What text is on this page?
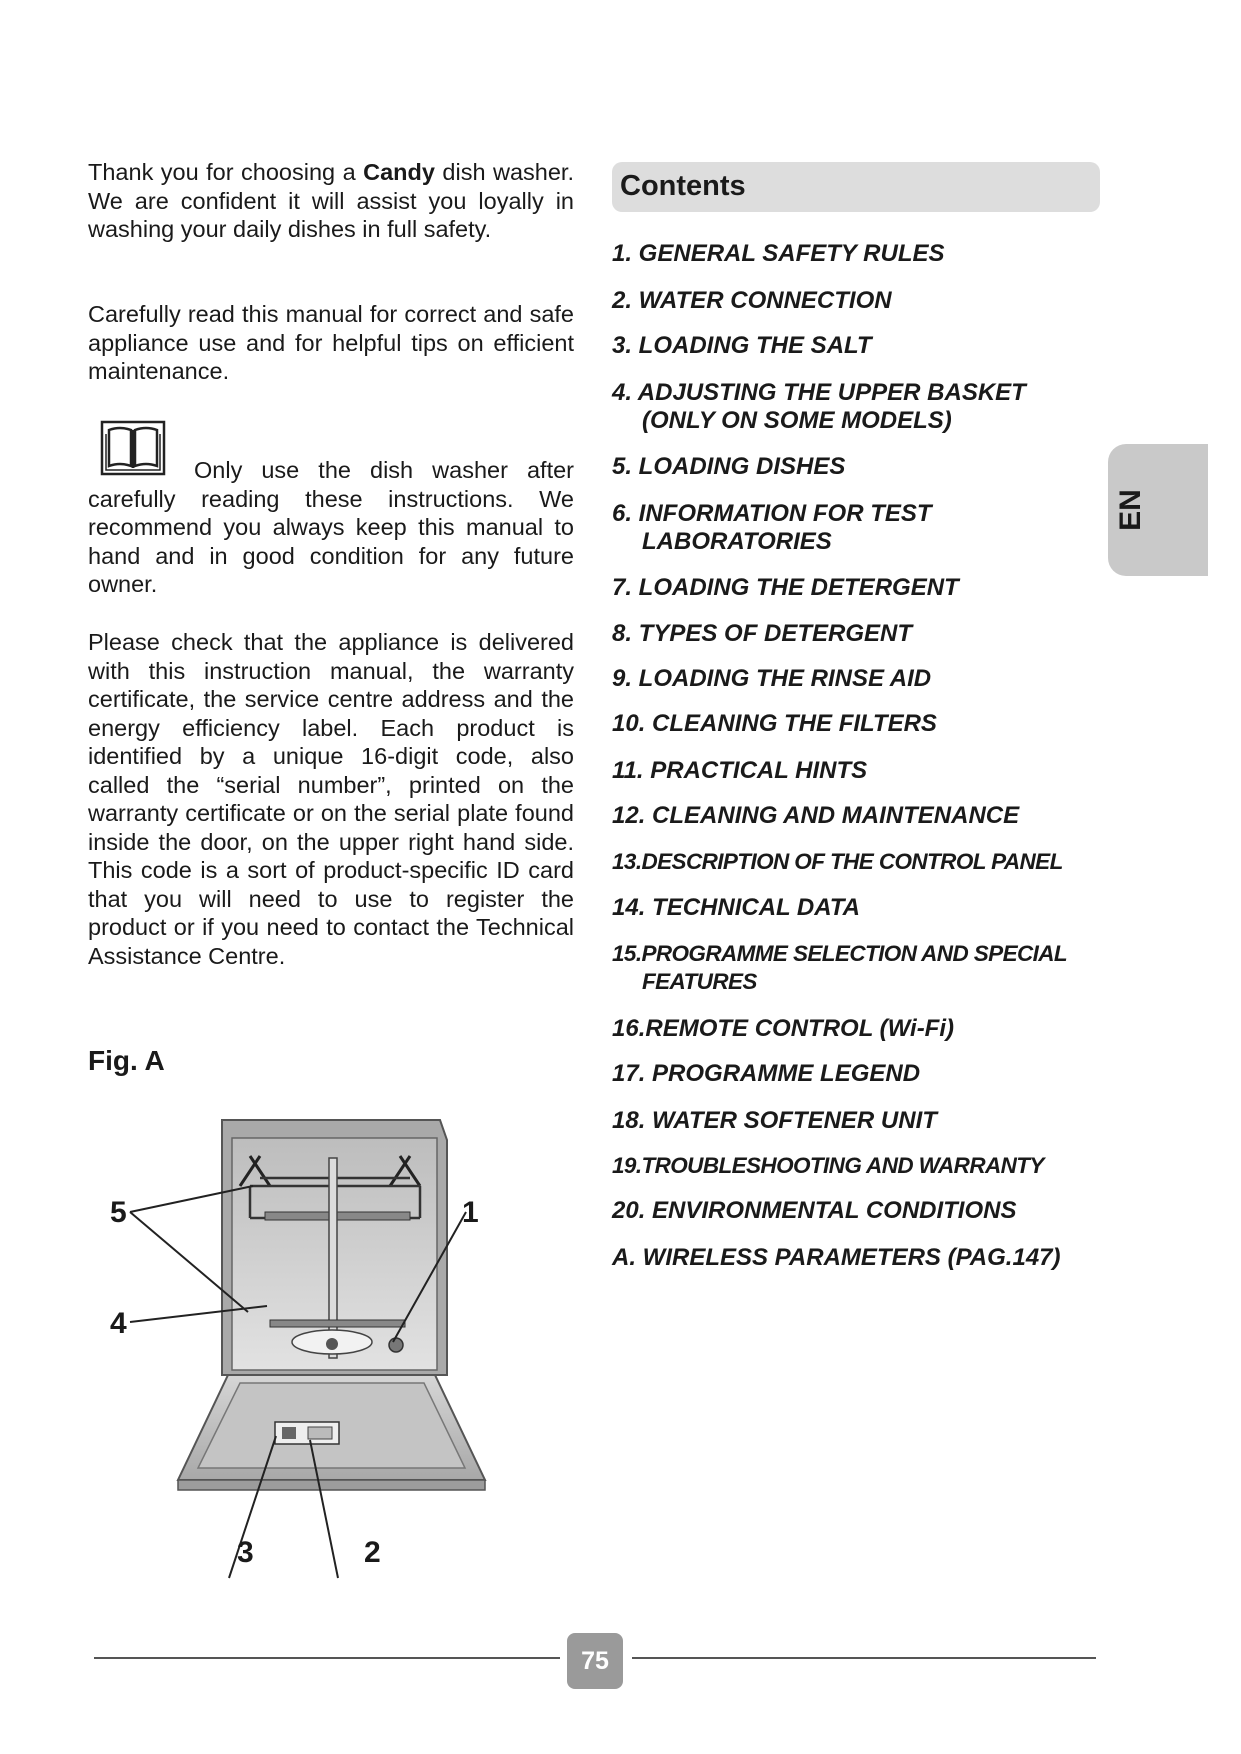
Thank you for choosing a Candy dish washer. We are confident it will assist you loyally in washing your daily dishes in full safety.

Carefully read this manual for correct and safe appliance use and for helpful tips on efficient maintenance.

Only use the dish washer after carefully reading these instructions. We recommend you always keep this manual to hand and in good condition for any future owner.

Please check that the appliance is delivered with this instruction manual, the warranty certificate, the service centre address and the energy efficiency label. Each product is identified by a unique 16-digit code, also called the “serial number”, printed on the warranty certificate or on the serial plate found inside the door, on the upper right hand side. This code is a sort of product-specific ID card that you will need to use to register the product or if you need to contact the Technical Assistance Centre.

Fig. A
5	1
4
3	2
Contents
1. GENERAL SAFETY RULES
2. WATER CONNECTION
3. LOADING THE SALT
4. ADJUSTING THE UPPER BASKET
(ONLY ON SOME MODELS)
5. LOADING DISHES
6. INFORMATION FOR TEST
LABORATORIES
7. LOADING THE DETERGENT
8. TYPES OF DETERGENT
9. LOADING THE RINSE AID
10. CLEANING THE FILTERS
11. PRACTICAL HINTS
12. CLEANING AND MAINTENANCE
13.DESCRIPTION OF THE CONTROL PANEL
14. TECHNICAL DATA
15.PROGRAMME SELECTION AND SPECIAL
FEATURES
16.REMOTE CONTROL (Wi-Fi)
17. PROGRAMME LEGEND
18. WATER SOFTENER UNIT
19.TROUBLESHOOTING AND WARRANTY
20. ENVIRONMENTAL CONDITIONS
A. WIRELESS PARAMETERS (PAG.147)
EN
75
